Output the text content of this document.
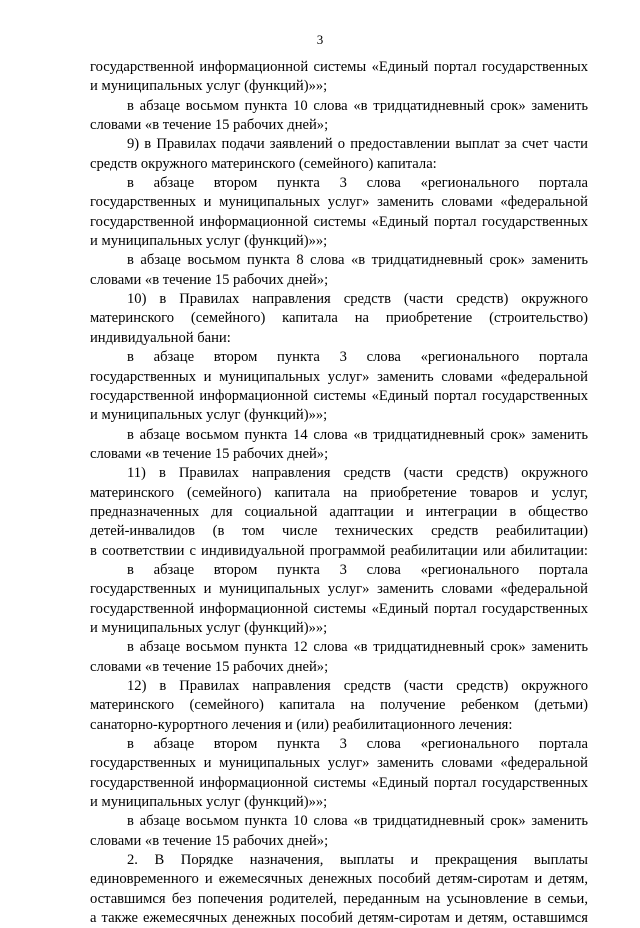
3
государственной информационной системы «Единый портал государственных
и муниципальных услуг (функций)»»;
в абзаце восьмом пункта 10 слова «в тридцатидневный срок» заменить
словами «в течение 15 рабочих дней»;
9) в Правилах подачи заявлений о предоставлении выплат за счет части
средств окружного материнского (семейного) капитала:
в абзаце втором пункта 3 слова «регионального портала
государственных и муниципальных услуг» заменить словами «федеральной
государственной информационной системы «Единый портал государственных
и муниципальных услуг (функций)»»;
в абзаце восьмом пункта 8 слова «в тридцатидневный срок» заменить
словами «в течение 15 рабочих дней»;
10) в Правилах направления средств (части средств) окружного
материнского (семейного) капитала на приобретение (строительство)
индивидуальной бани:
в абзаце втором пункта 3 слова «регионального портала
государственных и муниципальных услуг» заменить словами «федеральной
государственной информационной системы «Единый портал государственных
и муниципальных услуг (функций)»»;
в абзаце восьмом пункта 14 слова «в тридцатидневный срок» заменить
словами «в течение 15 рабочих дней»;
11) в Правилах направления средств (части средств) окружного
материнского (семейного) капитала на приобретение товаров и услуг,
предназначенных для социальной адаптации и интеграции в общество
детей-инвалидов (в том числе технических средств реабилитации)
в соответствии с индивидуальной программой реабилитации или абилитации:
в абзаце втором пункта 3 слова «регионального портала
государственных и муниципальных услуг» заменить словами «федеральной
государственной информационной системы «Единый портал государственных
и муниципальных услуг (функций)»»;
в абзаце восьмом пункта 12 слова «в тридцатидневный срок» заменить
словами «в течение 15 рабочих дней»;
12) в Правилах направления средств (части средств) окружного
материнского (семейного) капитала на получение ребенком (детьми)
санаторно-курортного лечения и (или) реабилитационного лечения:
в абзаце втором пункта 3 слова «регионального портала
государственных и муниципальных услуг» заменить словами «федеральной
государственной информационной системы «Единый портал государственных
и муниципальных услуг (функций)»»;
в абзаце восьмом пункта 10 слова «в тридцатидневный срок» заменить
словами «в течение 15 рабочих дней»;
2. В Порядке назначения, выплаты и прекращения выплаты
единовременного и ежемесячных денежных пособий детям-сиротам и детям,
оставшимся без попечения родителей, переданным на усыновление в семьи,
а также ежемесячных денежных пособий детям-сиротам и детям, оставшимся
